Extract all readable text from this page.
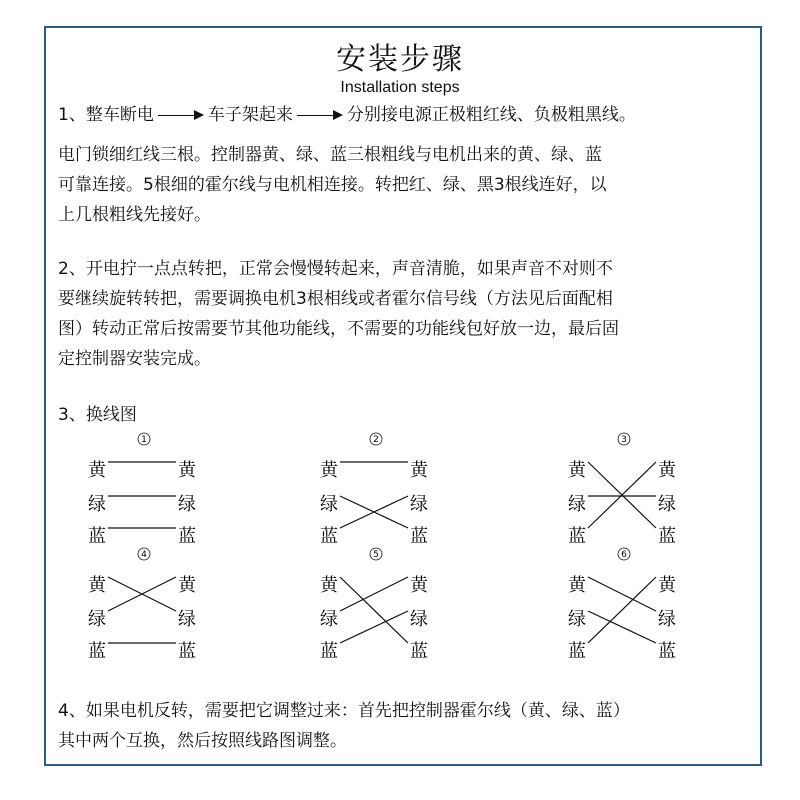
安装步骤
Installation steps
1、整车断电	车子架起来	分别接电源正极粗红线、负极粗黑线。
电门锁细红线三根。控制器黄、绿、蓝三根粗线与电机出来的黄、绿、蓝
可靠连接。5根细的霍尔线与电机相连接。转把红、绿、黑3根线连好，以
上几根粗线先接好。
2、开电拧一点点转把，正常会慢慢转起来，声音清脆，如果声音不对则不
要继续旋转转把，需要调换电机3根相线或者霍尔信号线（方法见后面配相
图）转动正常后按需要节其他功能线，不需要的功能线包好放一边，最后固
定控制器安装完成。
3、换线图
1
黄	黄
绿	绿
蓝	蓝
2
黄	黄
绿	绿
蓝	蓝
3
黄	黄
绿	绿
蓝	蓝
4
黄	黄
绿	绿
蓝	蓝
5
黄	黄
绿	绿
蓝	蓝
6
黄	黄
绿	绿
蓝	蓝
4、如果电机反转，需要把它调整过来：首先把控制器霍尔线（黄、绿、蓝）
其中两个互换，然后按照线路图调整。
